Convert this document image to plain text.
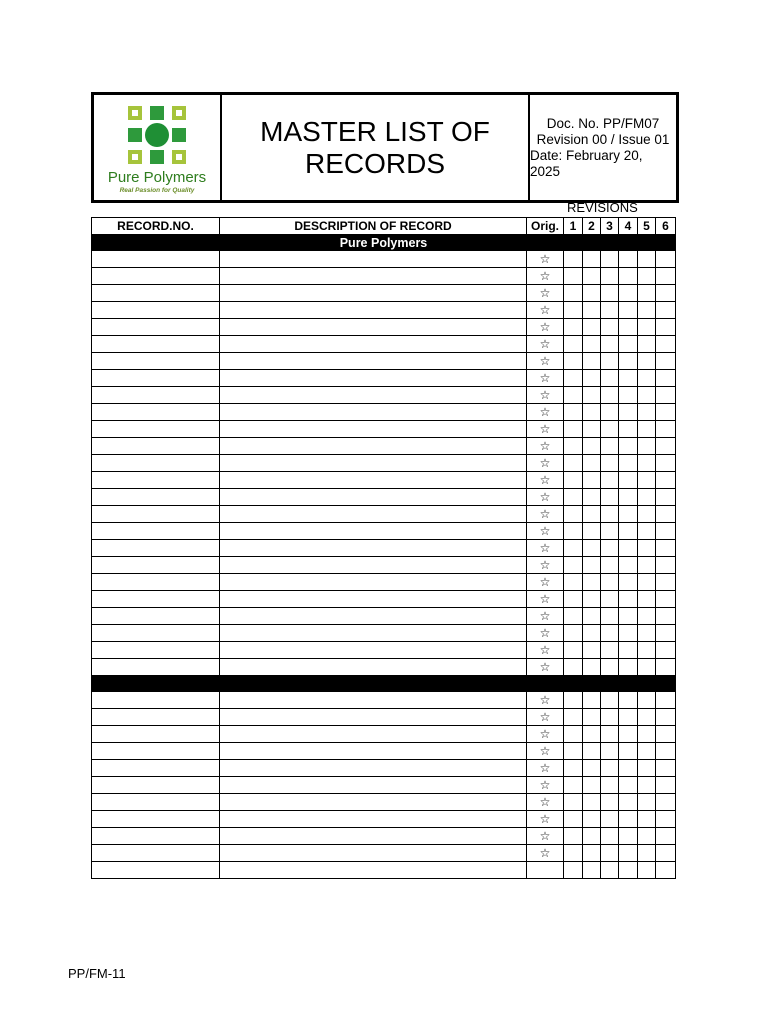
Pure Polymers
Real Passion for Quality
MASTER LIST OF
RECORDS
Doc. No. PP/FM07
Revision 00 / Issue 01
Date: February 20, 2025
REVISIONS
RECORD.NO.	DESCRIPTION OF RECORD	Orig.	1	2	3	4	5	6
Pure Polymers								
		☆						
		☆						
		☆						
		☆						
		☆						
		☆						
		☆						
		☆						
		☆						
		☆						
		☆						
		☆						
		☆						
		☆						
		☆						
		☆						
		☆						
		☆						
		☆						
		☆						
		☆						
		☆						
		☆						
		☆						
		☆						

		☆						
		☆						
		☆						
		☆						
		☆						
		☆						
		☆						
		☆						
		☆						
		☆						

PP/FM-11
